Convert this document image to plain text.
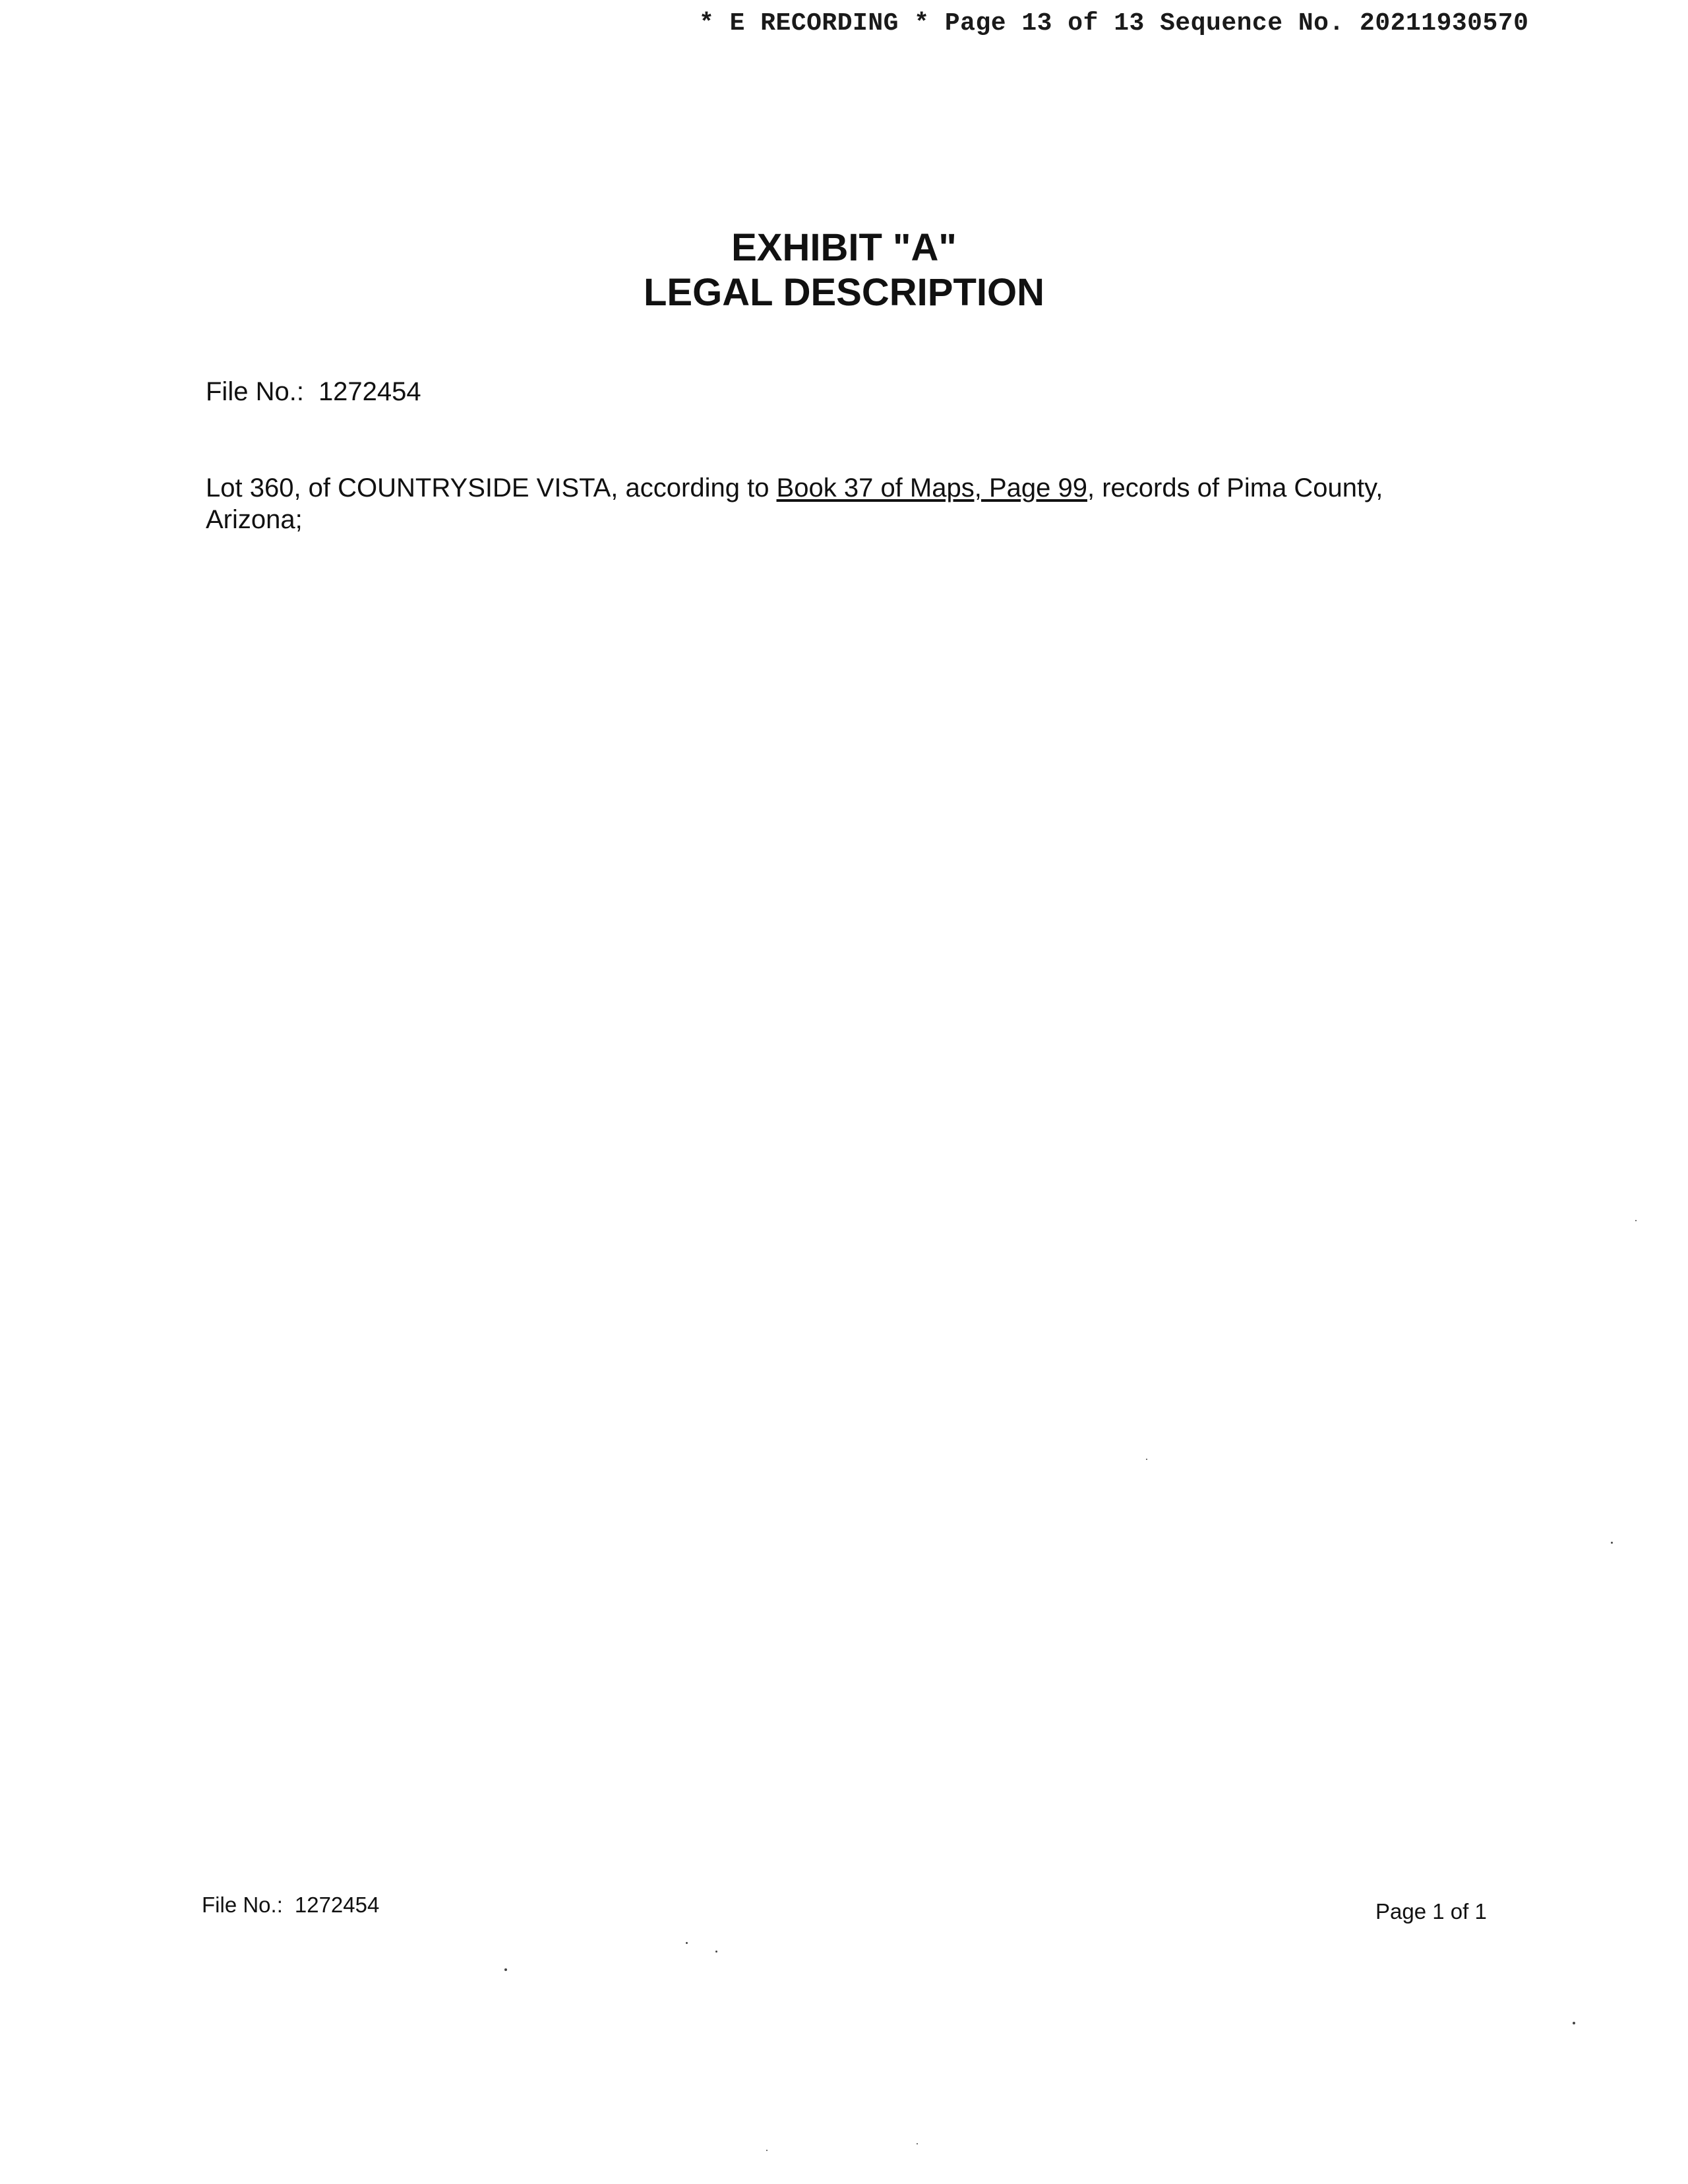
* E RECORDING * Page 13 of 13 Sequence No. 20211930570
EXHIBIT "A"
LEGAL DESCRIPTION
File No.: 1272454
Lot 360, of COUNTRYSIDE VISTA, according to Book 37 of Maps, Page 99, records of Pima County, Arizona;
File No.: 1272454	Page 1 of 1
